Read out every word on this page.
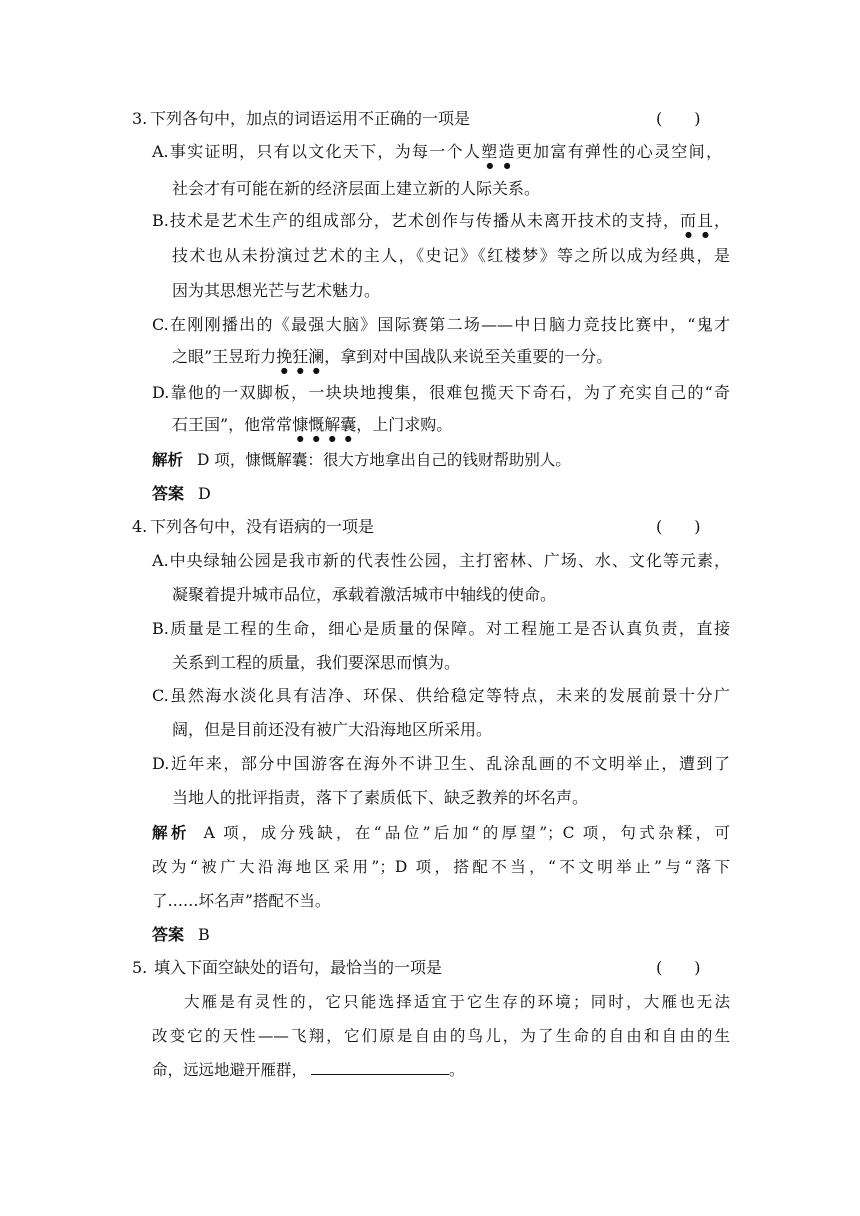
3. 下列各句中，加点的词语运用不正确的一项是	(　　)
A.事实证明，只有以文化天下，为每一个人塑造更加富有弹性的心灵空间，
社会才有可能在新的经济层面上建立新的人际关系。
B.技术是艺术生产的组成部分，艺术创作与传播从未离开技术的支持，而且，
技术也从未扮演过艺术的主人，《史记》《红楼梦》等之所以成为经典，是
因为其思想光芒与艺术魅力。
C.在刚刚播出的《最强大脑》国际赛第二场——中日脑力竞技比赛中，“鬼才
之眼”王昱珩力挽狂澜，拿到对中国战队来说至关重要的一分。
D.靠他的一双脚板，一块块地搜集，很难包揽天下奇石，为了充实自己的“奇
石王国”，他常常慷慨解囊，上门求购。
解析 D 项，慷慨解囊：很大方地拿出自己的钱财帮助别人。
答案 D
4. 下列各句中，没有语病的一项是	(　　)
A.中央绿轴公园是我市新的代表性公园，主打密林、广场、水、文化等元素，
凝聚着提升城市品位，承载着激活城市中轴线的使命。
B.质量是工程的生命，细心是质量的保障。对工程施工是否认真负责，直接
关系到工程的质量，我们要深思而慎为。
C.虽然海水淡化具有洁净、环保、供给稳定等特点，未来的发展前景十分广
阔，但是目前还没有被广大沿海地区所采用。
D.近年来，部分中国游客在海外不讲卫生、乱涂乱画的不文明举止，遭到了
当地人的批评指责，落下了素质低下、缺乏教养的坏名声。
解析 A 项，成分残缺，在“品位”后加“的厚望”；C 项，句式杂糅，可
改为“被广大沿海地区采用”；D 项，搭配不当，“不文明举止”与“落下
了……坏名声”搭配不当。
答案 B
5. 填入下面空缺处的语句，最恰当的一项是	(　　)
大雁是有灵性的，它只能选择适宜于它生存的环境；同时，大雁也无法
改变它的天性——飞翔，它们原是自由的鸟儿，为了生命的自由和自由的生
命，远远地避开雁群，	。
